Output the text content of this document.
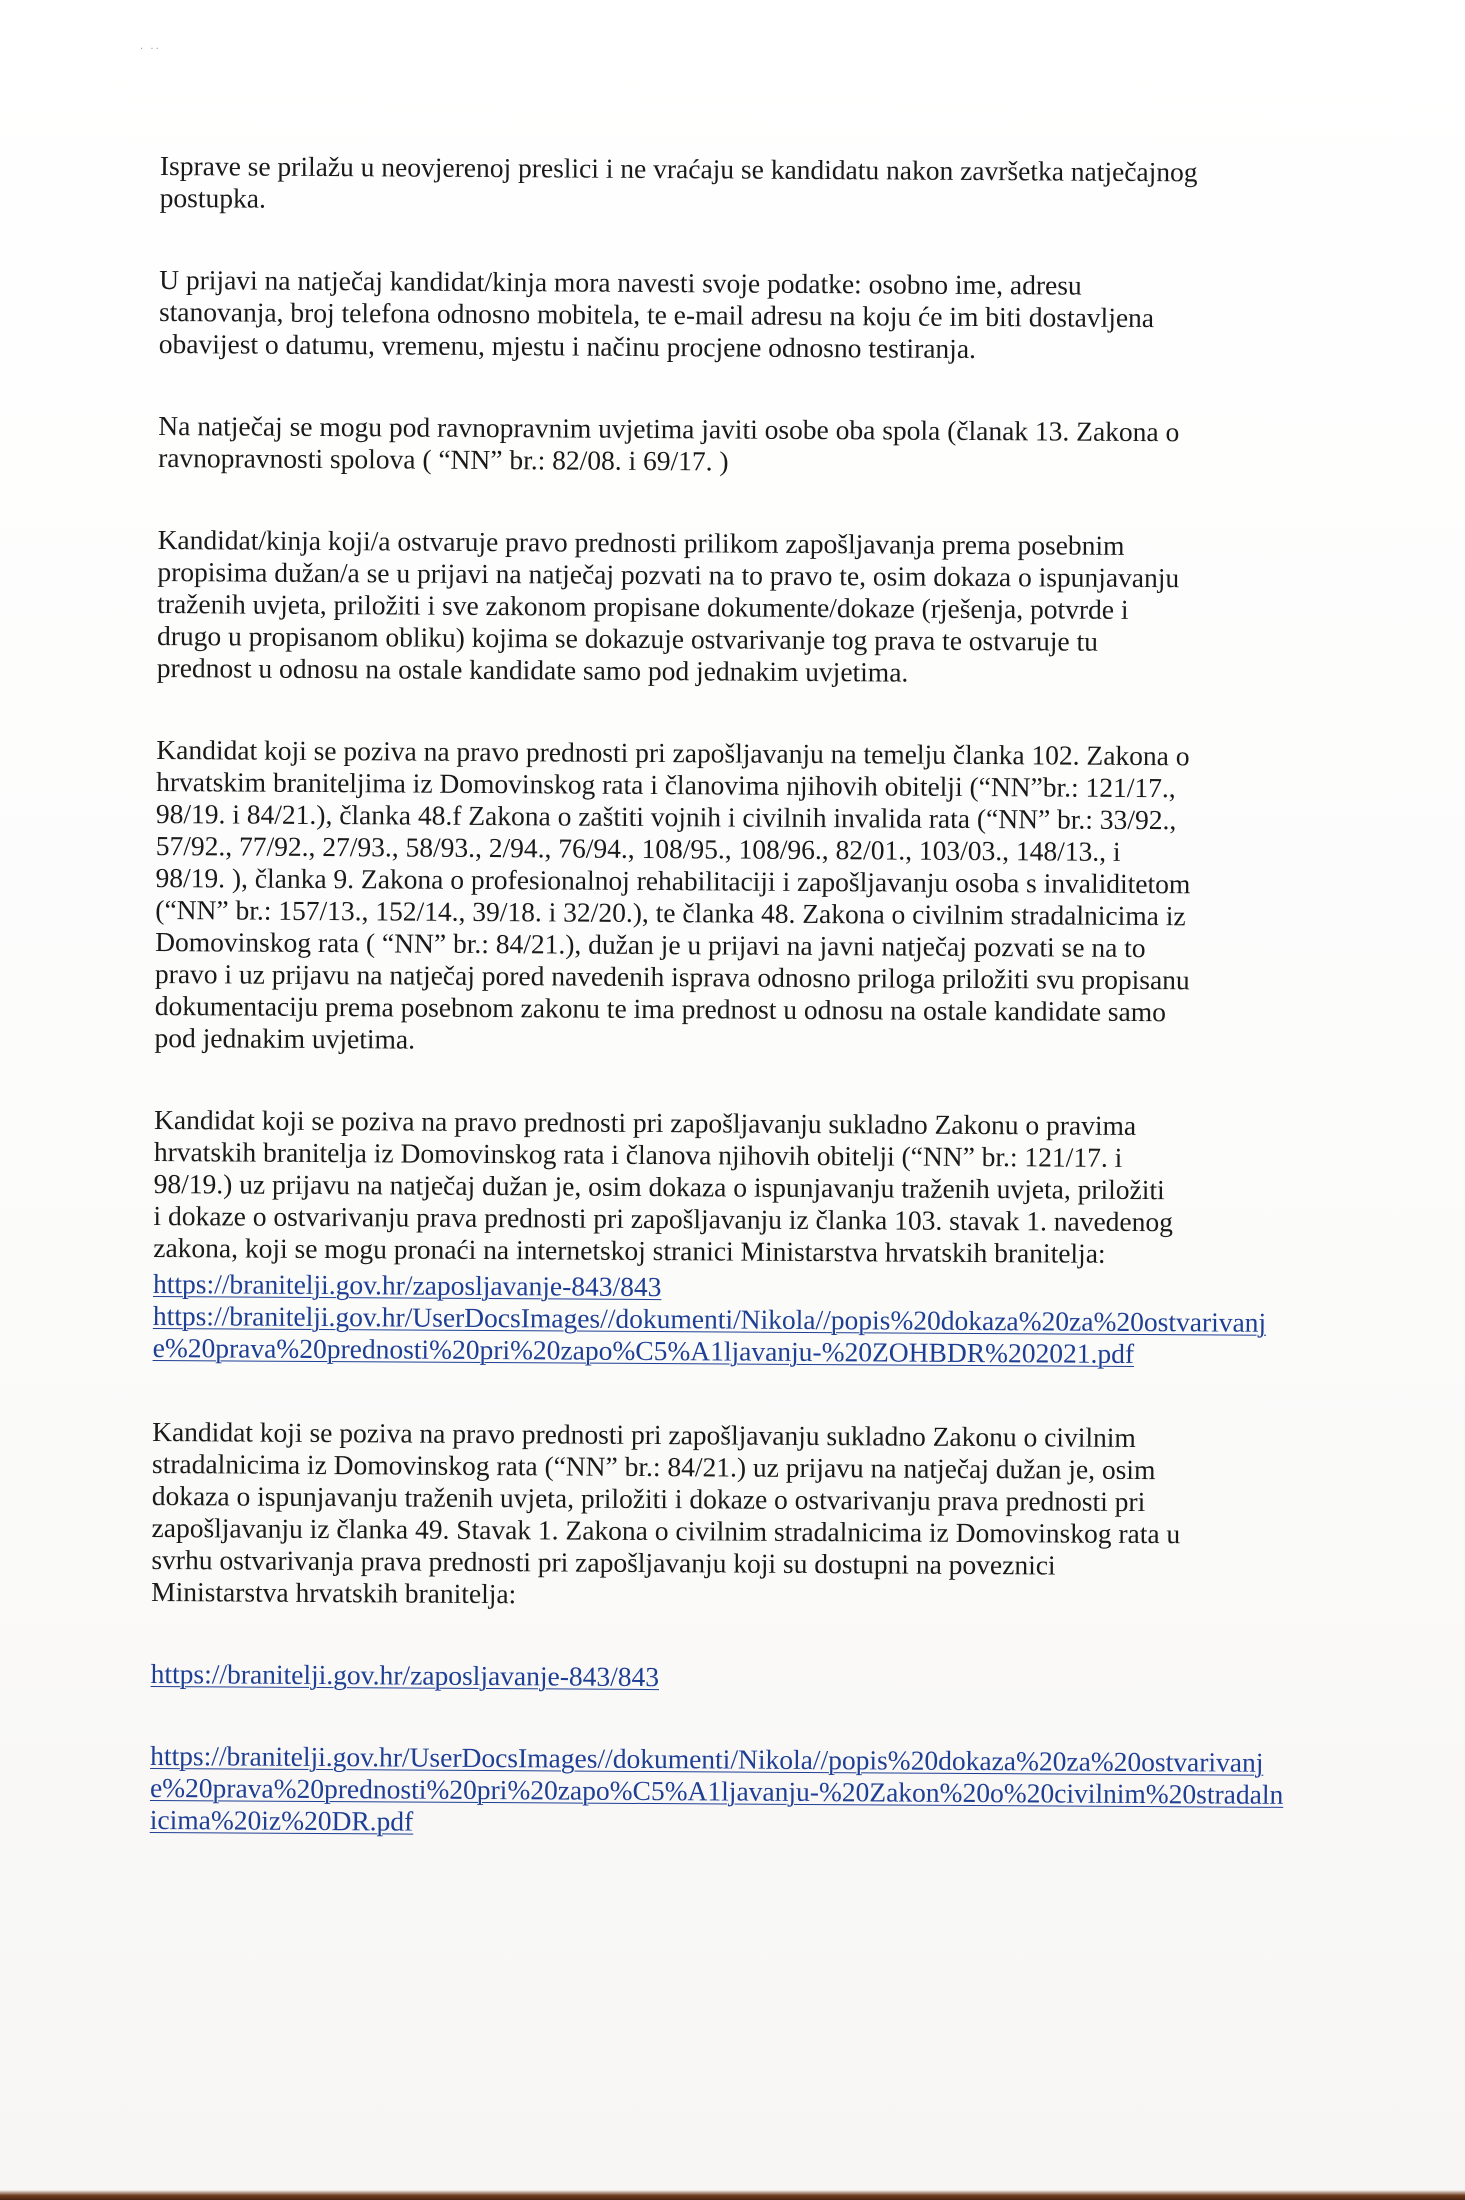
· ··

Isprave se prilažu u neovjerenoj preslici i ne vraćaju se kandidatu nakon završetka natječajnog
postupka.

U prijavi na natječaj kandidat/kinja mora navesti svoje podatke: osobno ime, adresu
stanovanja, broj telefona odnosno mobitela, te e-mail adresu na koju će im biti dostavljena
obavijest o datumu, vremenu, mjestu i načinu procjene odnosno testiranja.

Na natječaj se mogu pod ravnopravnim uvjetima javiti osobe oba spola (članak 13. Zakona o
ravnopravnosti spolova ( “NN” br.: 82/08. i 69/17. )

Kandidat/kinja koji/a ostvaruje pravo prednosti prilikom zapošljavanja prema posebnim
propisima dužan/a se u prijavi na natječaj pozvati na to pravo te, osim dokaza o ispunjavanju
traženih uvjeta, priložiti i sve zakonom propisane dokumente/dokaze (rješenja, potvrde i
drugo u propisanom obliku) kojima se dokazuje ostvarivanje tog prava te ostvaruje tu
prednost u odnosu na ostale kandidate samo pod jednakim uvjetima.

Kandidat koji se poziva na pravo prednosti pri zapošljavanju na temelju članka 102. Zakona o
hrvatskim braniteljima iz Domovinskog rata i članovima njihovih obitelji (“NN”br.: 121/17.,
98/19. i 84/21.), članka 48.f Zakona o zaštiti vojnih i civilnih invalida rata (“NN” br.: 33/92.,
57/92., 77/92., 27/93., 58/93., 2/94., 76/94., 108/95., 108/96., 82/01., 103/03., 148/13., i
98/19. ), članka 9. Zakona o profesionalnoj rehabilitaciji i zapošljavanju osoba s invaliditetom
(“NN” br.: 157/13., 152/14., 39/18. i 32/20.), te članka 48. Zakona o civilnim stradalnicima iz
Domovinskog rata ( “NN” br.: 84/21.), dužan je u prijavi na javni natječaj pozvati se na to
pravo i uz prijavu na natječaj pored navedenih isprava odnosno priloga priložiti svu propisanu
dokumentaciju prema posebnom zakonu te ima prednost u odnosu na ostale kandidate samo
pod jednakim uvjetima.

Kandidat koji se poziva na pravo prednosti pri zapošljavanju sukladno Zakonu o pravima
hrvatskih branitelja iz Domovinskog rata i članova njihovih obitelji (“NN” br.: 121/17. i
98/19.) uz prijavu na natječaj dužan je, osim dokaza o ispunjavanju traženih uvjeta, priložiti
i dokaze o ostvarivanju prava prednosti pri zapošljavanju iz članka 103. stavak 1. navedenog
zakona, koji se mogu pronaći na internetskoj stranici Ministarstva hrvatskih branitelja:

https://branitelji.gov.hr/zaposljavanje-843/843
https://branitelji.gov.hr/UserDocsImages//dokumenti/Nikola//popis%20dokaza%20za%20ostvarivanje%20prava%20prednosti%20pri%20zapo%C5%A1ljavanju-%20ZOHBDR%202021.pdf

Kandidat koji se poziva na pravo prednosti pri zapošljavanju sukladno Zakonu o civilnim
stradalnicima iz Domovinskog rata (“NN” br.: 84/21.) uz prijavu na natječaj dužan je, osim
dokaza o ispunjavanju traženih uvjeta, priložiti i dokaze o ostvarivanju prava prednosti pri
zapošljavanju iz članka 49. Stavak 1. Zakona o civilnim stradalnicima iz Domovinskog rata u
svrhu ostvarivanja prava prednosti pri zapošljavanju koji su dostupni na poveznici
Ministarstva hrvatskih branitelja:

https://branitelji.gov.hr/zaposljavanje-843/843
https://branitelji.gov.hr/UserDocsImages//dokumenti/Nikola//popis%20dokaza%20za%20ostvarivanje%20prava%20prednosti%20pri%20zapo%C5%A1ljavanju-%20Zakon%20o%20civilnim%20stradalnicima%20iz%20DR.pdf
